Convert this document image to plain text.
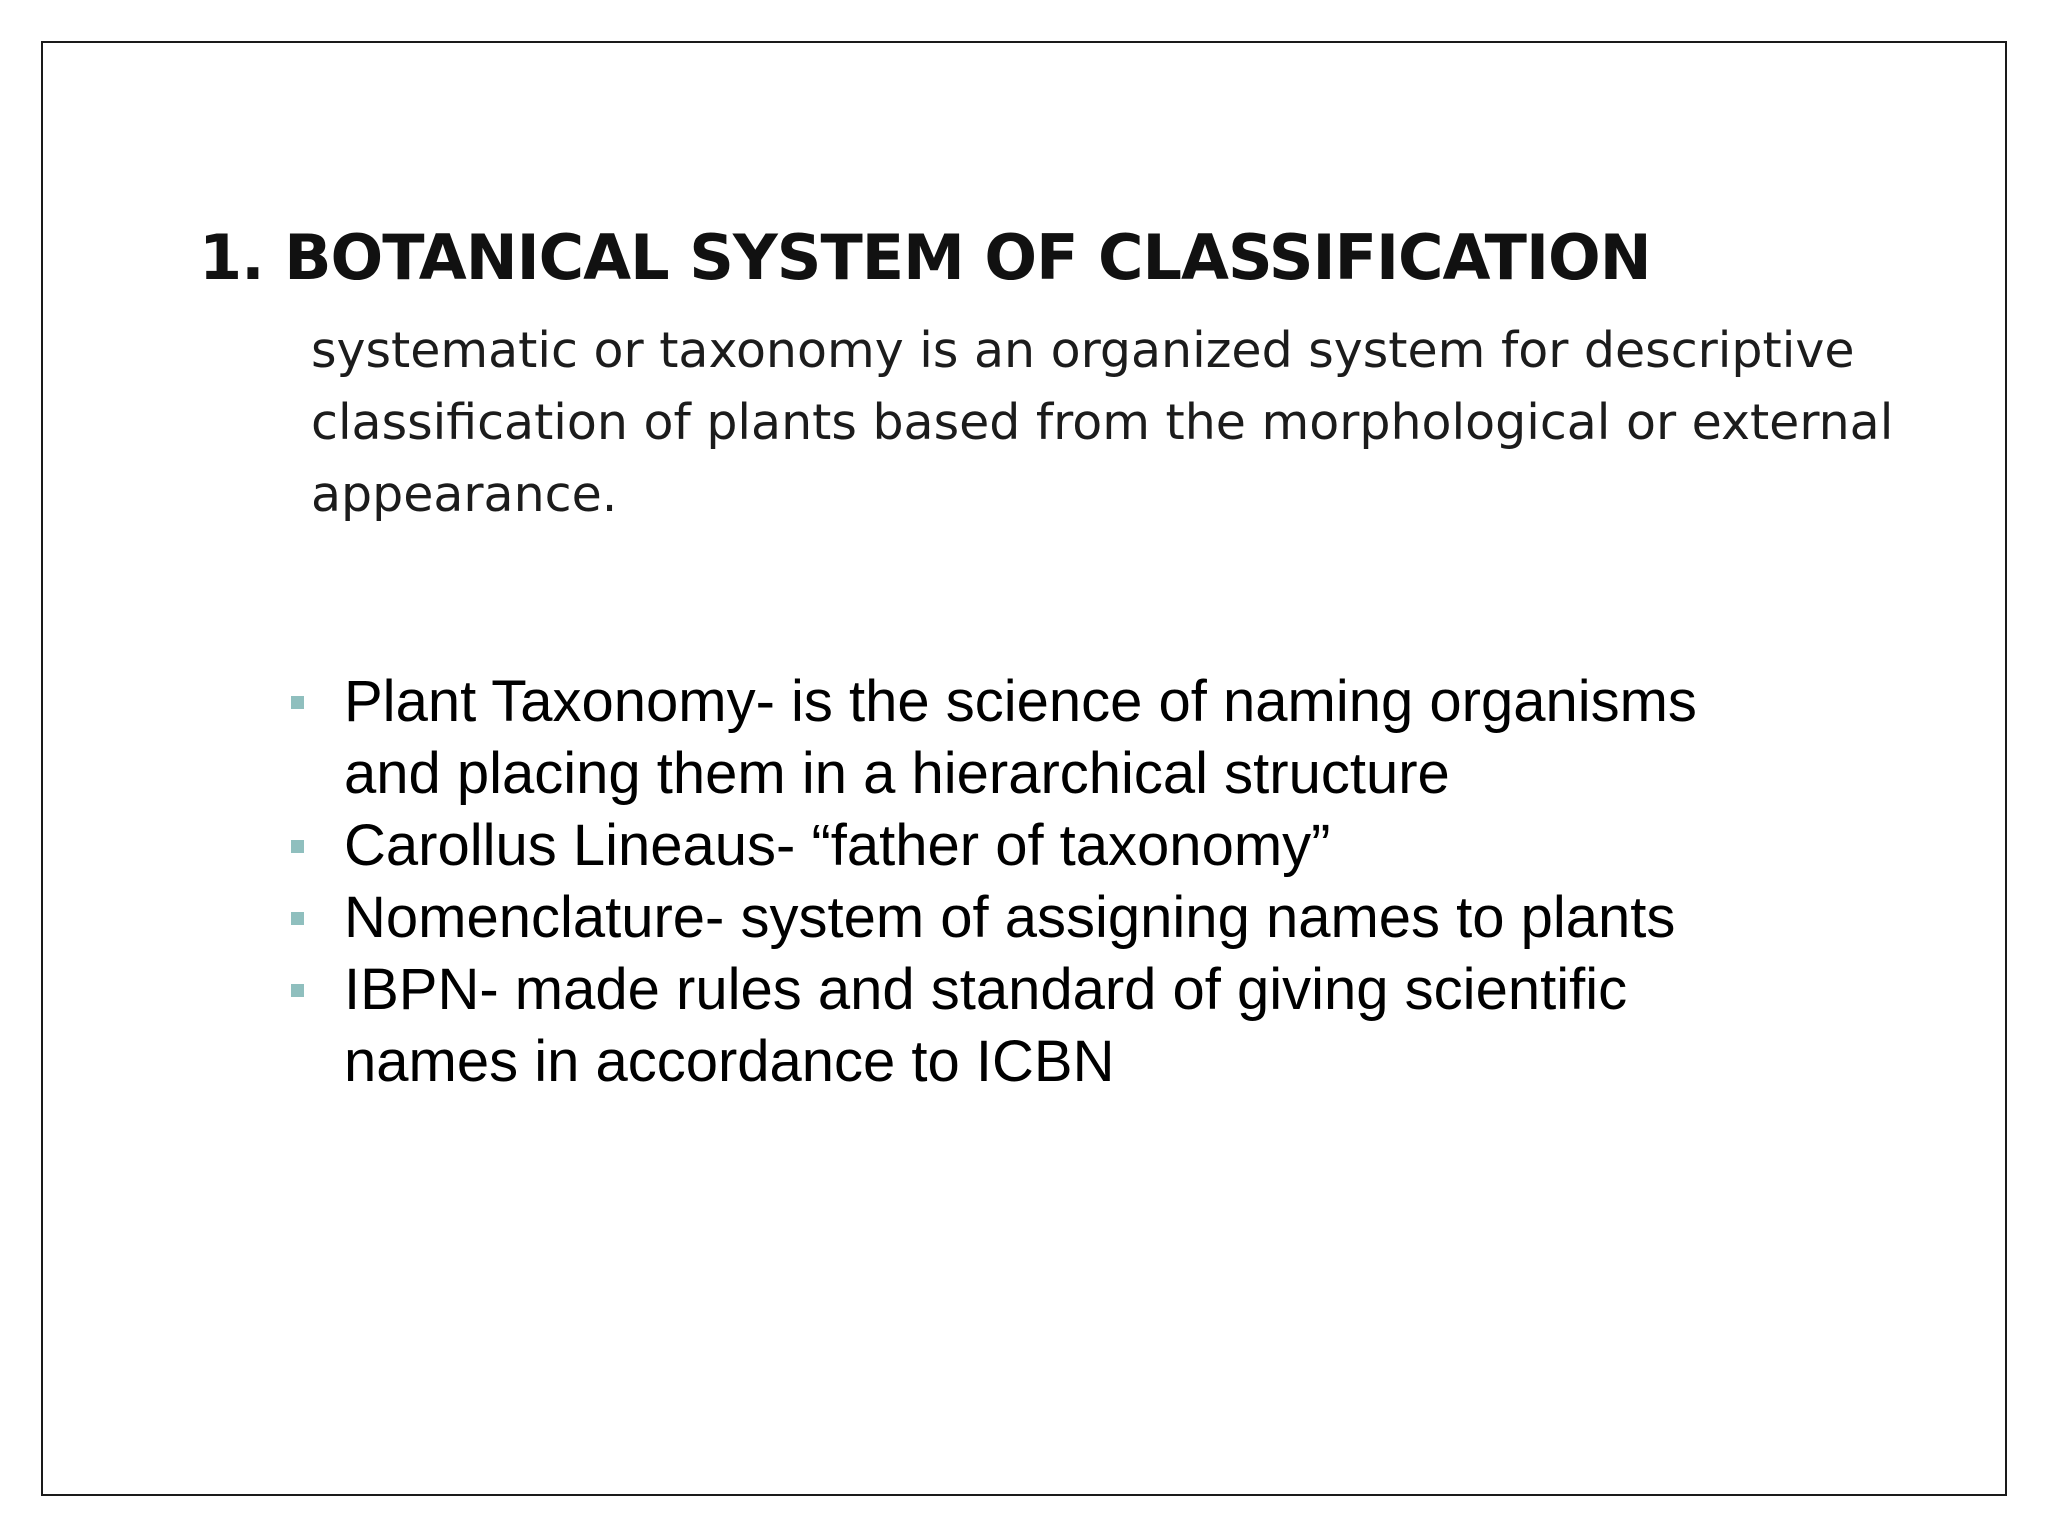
1. BOTANICAL SYSTEM OF CLASSIFICATION

systematic or taxonomy is an organized system for descriptive classification of plants based from the morphological or external appearance.

Plant Taxonomy- is the science of naming organisms and placing them in a hierarchical structure
Carollus Lineaus- “father of taxonomy”
Nomenclature- system of assigning names to plants
IBPN- made rules and standard of giving scientific names in accordance to ICBN
